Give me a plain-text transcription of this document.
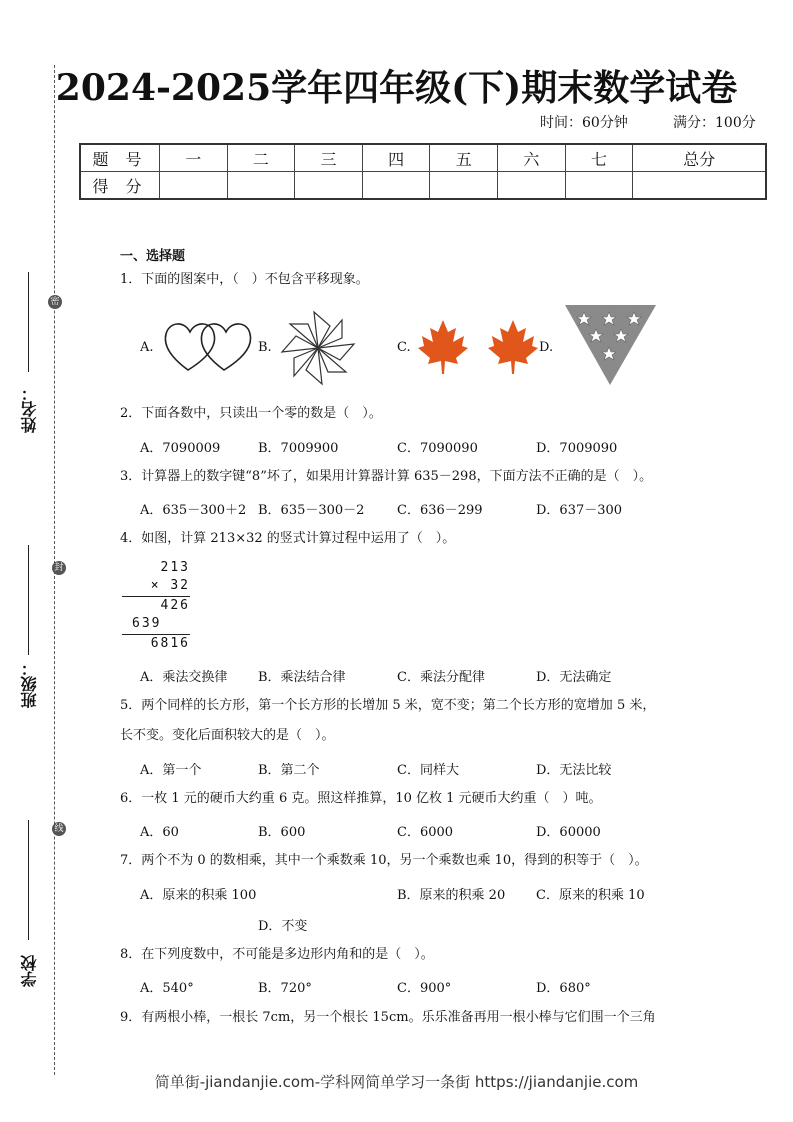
密
封
线
姓名：
班级：
学校
2024-2025学年四年级(下)期末数学试卷
时间：60分钟	满分：100分
题 号	一	二	三	四	五	六	七	总分
得 分								
一、选择题
1．下面的图案中，（　）不包含平移现象。
A.	B.	C.	D.
2．下面各数中，只读出一个零的数是（　）。
A．7090009	B．7009900	C．7090090	D．7009090
3．计算器上的数字键“8”坏了，如果用计算器计算 635－298，下面方法不正确的是（　）。
A．635－300＋2 B．635－300－2	C．636－299	D．637－300
4．如图，计算 213×32 的竖式计算过程中运用了（　）。
213
× 32
426
639
6816
A．乘法交换律 B．乘法结合律	C．乘法分配律	D．无法确定
5．两个同样的长方形，第一个长方形的长增加 5 米，宽不变；第二个长方形的宽增加 5 米，
长不变。变化后面积较大的是（　）。
A．第一个	B．第二个	C．同样大	D．无法比较
6．一枚 1 元的硬币大约重 6 克。照这样推算，10 亿枚 1 元硬币大约重（　）吨。
A．60	B．600	C．6000	D．60000
7．两个不为 0 的数相乘，其中一个乘数乘 10，另一个乘数也乘 10，得到的积等于（　）。
A．原来的积乘 100	B．原来的积乘 20 C．原来的积乘 10
D．不变
8．在下列度数中，不可能是多边形内角和的是（　）。
A．540°	B．720°	C．900°	D．680°
9．有两根小棒，一根长 7cm，另一个根长 15cm。乐乐准备再用一根小棒与它们围一个三角
简单街-jiandanjie.com-学科网简单学习一条街 https://jiandanjie.com
